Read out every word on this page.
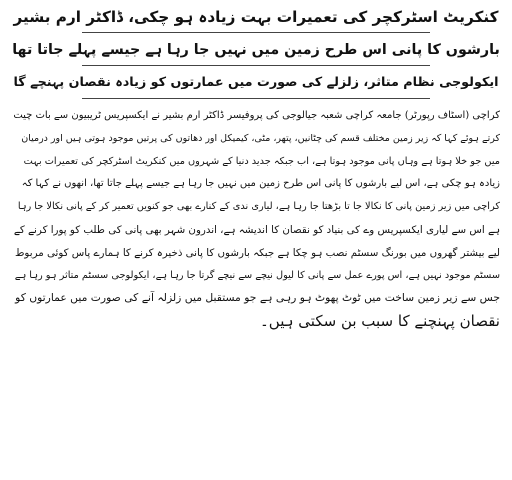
کنکریٹ اسٹرکچر کی تعمیرات بہت زیادہ ہو چکی، ڈاکٹر ارم بشیر

بارشوں کا پانی اس طرح زمین میں نہیں جا رہا ہے جیسے پہلے جاتا تھا

ایکولوجی نظام متاثر، زلزلے کی صورت میں عمارتوں کو زیادہ نقصان پہنچے گا

کراچی (اسٹاف رپورٹر) جامعہ کراچی شعبہ جیالوجی کی پروفیسر ڈاکٹر ارم بشیر نے ایکسپریس ٹریبیون سے بات چیت
کرتے ہوئے کہا کہ زیر زمین مختلف قسم کی چٹانیں، پتھر، مٹی، کیمیکل اور دھاتوں کی پرتیں موجود ہوتی ہیں اور درمیان
میں جو خلا ہوتا ہے وہاں پانی موجود ہوتا ہے، اب جبکہ جدید دنیا کے شہروں میں کنکریٹ اسٹرکچر کی تعمیرات بہت
زیادہ ہو چکی ہے، اس لیے بارشوں کا پانی اس طرح زمین میں نہیں جا رہا ہے جیسے پہلے جاتا تھا، انھوں نے کہا کہ
کراچی میں زیر زمین پانی کا نکالا جا تا بڑھتا جا رہا ہے، لیاری ندی کے کنارے بھی جو کنویں تعمیر کر کے پانی نکالا جا رہا
ہے اس سے لیاری ایکسپریس وے کی بنیاد کو نقصان کا اندیشہ ہے، اندرون شہر بھی پانی کی طلب کو پورا کرنے کے
لیے بیشتر گھروں میں بورنگ سسٹم نصب ہو چکا ہے جبکہ بارشوں کا پانی ذخیرہ کرنے کا ہمارے پاس کوئی مربوط
سسٹم موجود نہیں ہے، اس پورے عمل سے پانی کا لیول نیچے سے نیچے گرتا جا رہا ہے، ایکولوجی سسٹم متاثر ہو رہا ہے
جس سے زیر زمین ساخت میں ٹوٹ پھوٹ ہو رہی ہے جو مستقبل میں زلزلہ آنے کی صورت میں عمارتوں کو
نقصان پہنچنے کا سبب بن سکتی ہیں۔
